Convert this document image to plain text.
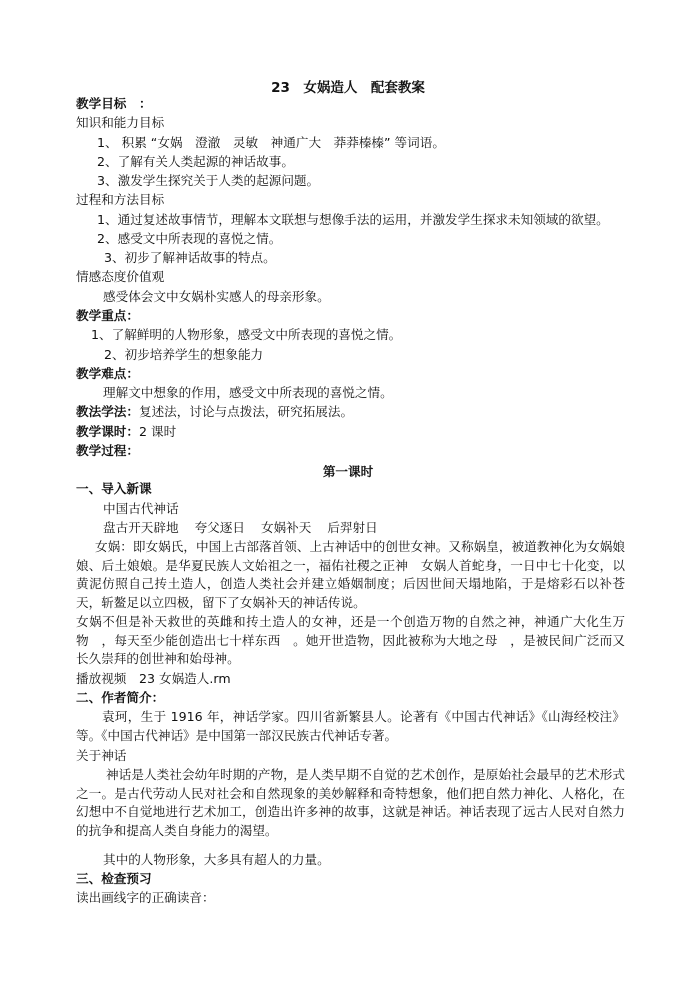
23　女娲造人　配套教案
教学目标　：
知识和能力目标
1、 积累 “女娲　澄澈　灵敏　神通广大　莽莽榛榛” 等词语。
2、了解有关人类起源的神话故事。
3、激发学生探究关于人类的起源问题。
过程和方法目标
1、通过复述故事情节，理解本文联想与想像手法的运用，并激发学生探求未知领域的欲望。
2、感受文中所表现的喜悦之情。
3、初步了解神话故事的特点。
情感态度价值观
感受体会文中女娲朴实感人的母亲形象。
教学重点：
1、了解鲜明的人物形象，感受文中所表现的喜悦之情。
2、初步培养学生的想象能力
教学难点：
理解文中想象的作用，感受文中所表现的喜悦之情。
教法学法：复述法，讨论与点拨法，研究拓展法。
教学课时：2 课时
教学过程：
第一课时
一、导入新课
中国古代神话
盘古开天辟地 夸父逐日 女娲补天 后羿射日
女娲：即女娲氏，中国上古部落首领、上古神话中的创世女神。又称娲皇，被道教神化为女娲娘娘、后土娘娘。是华夏民族人文始祖之一，福佑社稷之正神　女娲人首蛇身，一日中七十化变，以黄泥仿照自己抟土造人，创造人类社会并建立婚姻制度；后因世间天塌地陷，于是熔彩石以补苍天，斩鳌足以立四极，留下了女娲补天的神话传说。
女娲不但是补天救世的英雌和抟土造人的女神，还是一个创造万物的自然之神，神通广大化生万物　，每天至少能创造出七十样东西　。她开世造物，因此被称为大地之母　，是被民间广泛而又长久崇拜的创世神和始母神。
播放视频　23 女娲造人.rm
二、作者简介：
袁珂，生于 1916 年，神话学家。四川省新繁县人。论著有《中国古代神话》《山海经校注》等。《中国古代神话》是中国第一部汉民族古代神话专著。
关于神话
神话是人类社会幼年时期的产物，是人类早期不自觉的艺术创作，是原始社会最早的艺术形式之一。是古代劳动人民对社会和自然现象的美妙解释和奇特想象，他们把自然力神化、人格化，在幻想中不自觉地进行艺术加工，创造出许多神的故事，这就是神话。神话表现了远古人民对自然力的抗争和提高人类自身能力的渴望。
其中的人物形象，大多具有超人的力量。
三、检查预习
读出画线字的正确读音：
